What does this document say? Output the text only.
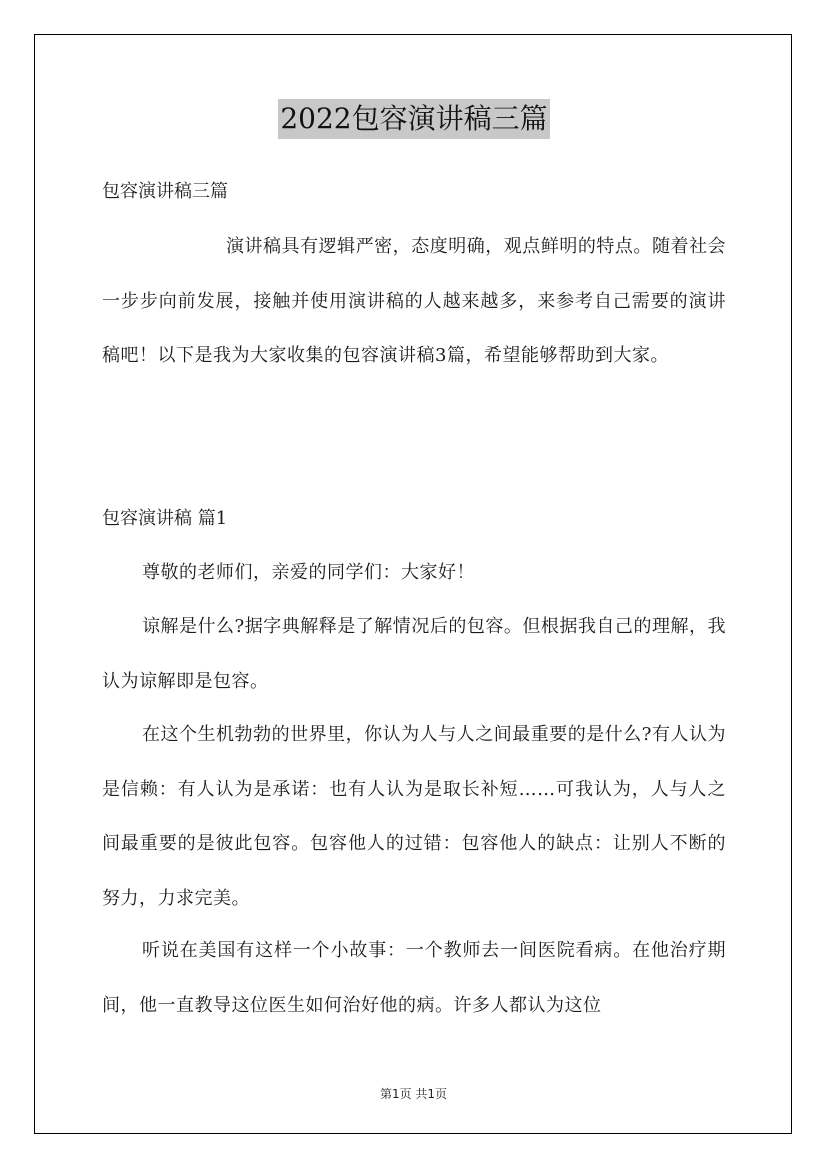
2022包容演讲稿三篇
包容演讲稿三篇

演讲稿具有逻辑严密，态度明确，观点鲜明的特点。随着社会一步步向前发展，接触并使用演讲稿的人越来越多，来参考自己需要的演讲稿吧！以下是我为大家收集的包容演讲稿3篇，希望能够帮助到大家。

包容演讲稿 篇1

尊敬的老师们，亲爱的同学们：大家好！

谅解是什么?据字典解释是了解情况后的包容。但根据我自己的理解，我认为谅解即是包容。

在这个生机勃勃的世界里，你认为人与人之间最重要的是什么?有人认为是信赖：有人认为是承诺：也有人认为是取长补短……可我认为，人与人之间最重要的是彼此包容。包容他人的过错：包容他人的缺点：让别人不断的努力，力求完美。

听说在美国有这样一个小故事：一个教师去一间医院看病。在他治疗期间，他一直教导这位医生如何治好他的病。许多人都认为这位

第1页 共1页
